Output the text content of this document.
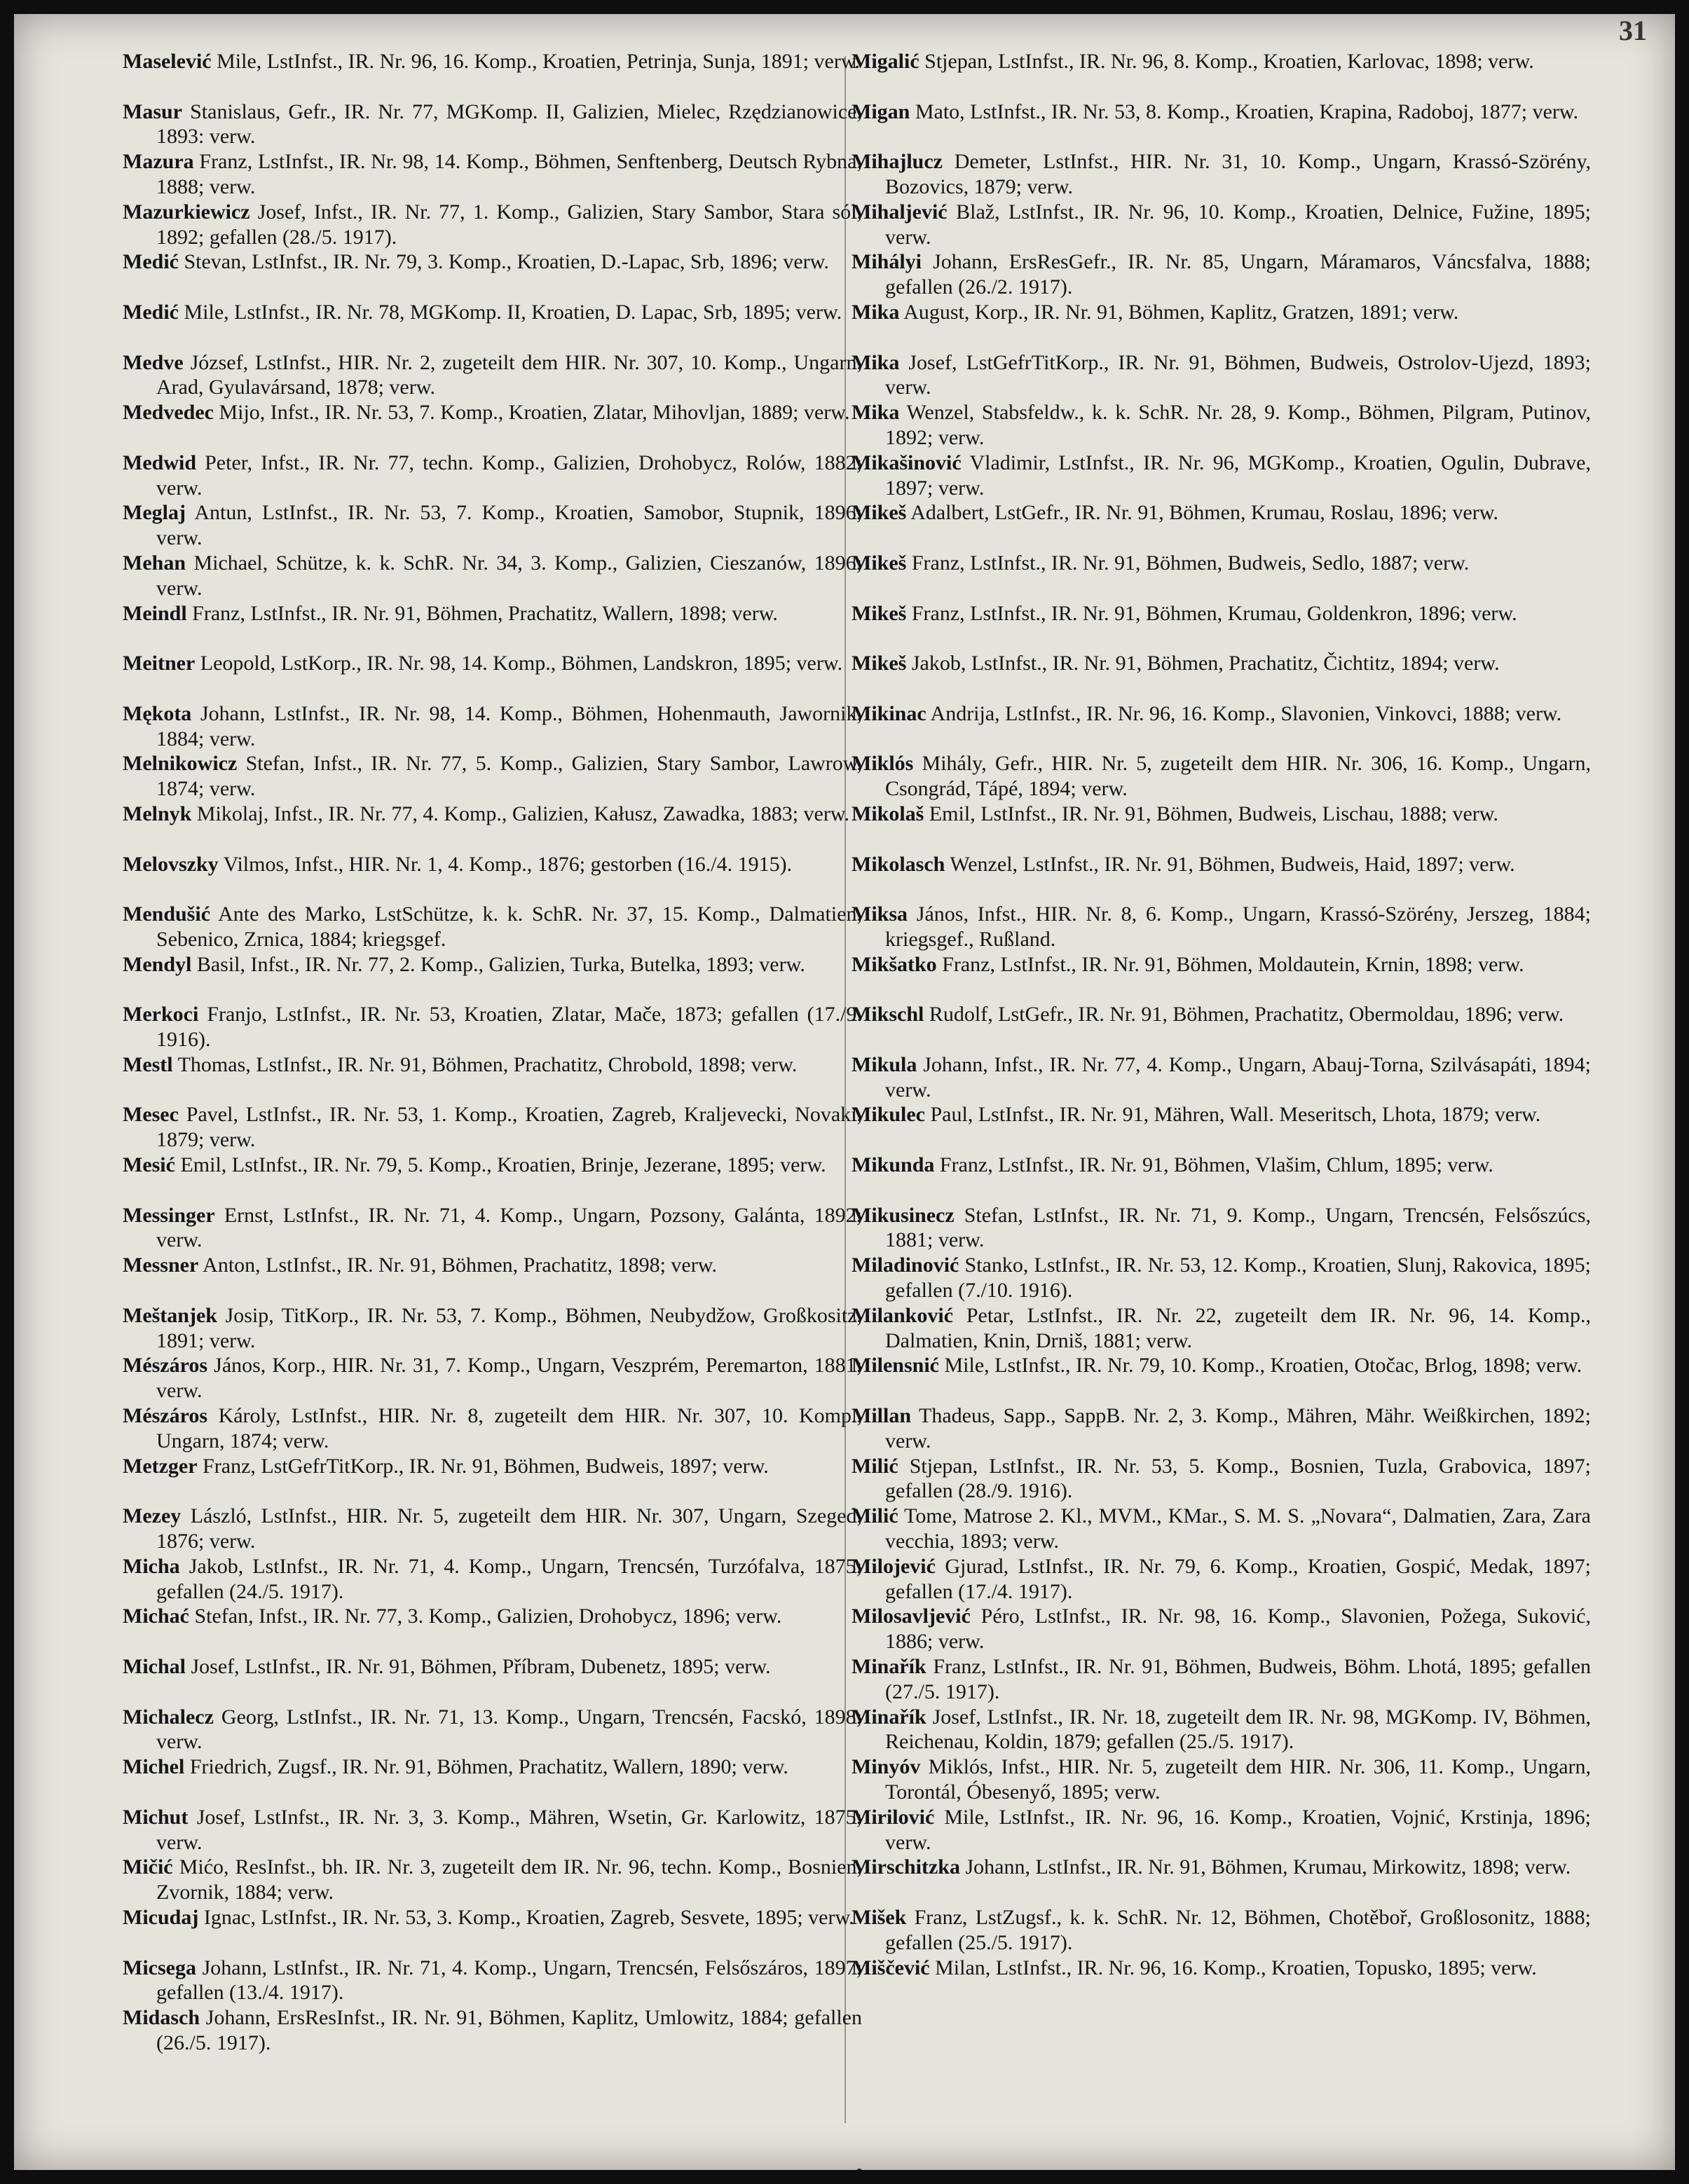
31

Maselević Mile, LstInfst., IR. Nr. 96, 16. Komp., Kroatien, Petrinja, Sunja, 1891; verw.

Masur Stanislaus, Gefr., IR. Nr. 77, MGKomp. II, Galizien, Mielec, Rzędzianowice, 1893: verw.

Mazura Franz, LstInfst., IR. Nr. 98, 14. Komp., Böhmen, Senftenberg, Deutsch Rybna, 1888; verw.

Mazurkiewicz Josef, Infst., IR. Nr. 77, 1. Komp., Galizien, Stary Sambor, Stara sól, 1892; gefallen (28./5. 1917).

Medić Stevan, LstInfst., IR. Nr. 79, 3. Komp., Kroatien, D.-Lapac, Srb, 1896; verw.

Medić Mile, LstInfst., IR. Nr. 78, MGKomp. II, Kroatien, D. Lapac, Srb, 1895; verw.

Medve József, LstInfst., HIR. Nr. 2, zugeteilt dem HIR. Nr. 307, 10. Komp., Ungarn, Arad, Gyulavársand, 1878; verw.

Medvedec Mijo, Infst., IR. Nr. 53, 7. Komp., Kroatien, Zlatar, Mihovljan, 1889; verw.

Medwid Peter, Infst., IR. Nr. 77, techn. Komp., Galizien, Drohobycz, Rolów, 1882; verw.

Meglaj Antun, LstInfst., IR. Nr. 53, 7. Komp., Kroatien, Samobor, Stupnik, 1896; verw.

Mehan Michael, Schütze, k. k. SchR. Nr. 34, 3. Komp., Galizien, Cieszanów, 1896; verw.

Meindl Franz, LstInfst., IR. Nr. 91, Böhmen, Prachatitz, Wallern, 1898; verw.

Meitner Leopold, LstKorp., IR. Nr. 98, 14. Komp., Böhmen, Landskron, 1895; verw.

Mękota Johann, LstInfst., IR. Nr. 98, 14. Komp., Böhmen, Hohenmauth, Jawornik, 1884; verw.

Melnikowicz Stefan, Infst., IR. Nr. 77, 5. Komp., Galizien, Stary Sambor, Lawrow, 1874; verw.

Melnyk Mikolaj, Infst., IR. Nr. 77, 4. Komp., Galizien, Kałusz, Zawadka, 1883; verw.

Melovszky Vilmos, Infst., HIR. Nr. 1, 4. Komp., 1876; gestorben (16./4. 1915).

Mendušić Ante des Marko, LstSchütze, k. k. SchR. Nr. 37, 15. Komp., Dalmatien, Sebenico, Zrnica, 1884; kriegsgef.

Mendyl Basil, Infst., IR. Nr. 77, 2. Komp., Galizien, Turka, Butelka, 1893; verw.

Merkoci Franjo, LstInfst., IR. Nr. 53, Kroatien, Zlatar, Mače, 1873; gefallen (17./9. 1916).

Mestl Thomas, LstInfst., IR. Nr. 91, Böhmen, Prachatitz, Chrobold, 1898; verw.

Mesec Pavel, LstInfst., IR. Nr. 53, 1. Komp., Kroatien, Zagreb, Kraljevecki, Novaki, 1879; verw.

Mesić Emil, LstInfst., IR. Nr. 79, 5. Komp., Kroatien, Brinje, Jezerane, 1895; verw.

Messinger Ernst, LstInfst., IR. Nr. 71, 4. Komp., Ungarn, Pozsony, Galánta, 1892; verw.

Messner Anton, LstInfst., IR. Nr. 91, Böhmen, Prachatitz, 1898; verw.

Meštanjek Josip, TitKorp., IR. Nr. 53, 7. Komp., Böhmen, Neubydžow, Großkositz, 1891; verw.

Mészáros János, Korp., HIR. Nr. 31, 7. Komp., Ungarn, Veszprém, Peremarton, 1881; verw.

Mészáros Károly, LstInfst., HIR. Nr. 8, zugeteilt dem HIR. Nr. 307, 10. Komp., Ungarn, 1874; verw.

Metzger Franz, LstGefrTitKorp., IR. Nr. 91, Böhmen, Budweis, 1897; verw.

Mezey László, LstInfst., HIR. Nr. 5, zugeteilt dem HIR. Nr. 307, Ungarn, Szeged, 1876; verw.

Micha Jakob, LstInfst., IR. Nr. 71, 4. Komp., Ungarn, Trencsén, Turzófalva, 1875; gefallen (24./5. 1917).

Michać Stefan, Infst., IR. Nr. 77, 3. Komp., Galizien, Drohobycz, 1896; verw.

Michal Josef, LstInfst., IR. Nr. 91, Böhmen, Příbram, Dubenetz, 1895; verw.

Michalecz Georg, LstInfst., IR. Nr. 71, 13. Komp., Ungarn, Trencsén, Facskó, 1898; verw.

Michel Friedrich, Zugsf., IR. Nr. 91, Böhmen, Prachatitz, Wallern, 1890; verw.

Michut Josef, LstInfst., IR. Nr. 3, 3. Komp., Mähren, Wsetin, Gr. Karlowitz, 1875; verw.

Mičić Mićo, ResInfst., bh. IR. Nr. 3, zugeteilt dem IR. Nr. 96, techn. Komp., Bosnien, Zvornik, 1884; verw.

Micudaj Ignac, LstInfst., IR. Nr. 53, 3. Komp., Kroatien, Zagreb, Sesvete, 1895; verw.

Micsega Johann, LstInfst., IR. Nr. 71, 4. Komp., Ungarn, Trencsén, Felsőszáros, 1897; gefallen (13./4. 1917).

Midasch Johann, ErsResInfst., IR. Nr. 91, Böhmen, Kaplitz, Umlowitz, 1884; gefallen (26./5. 1917).

Migalić Stjepan, LstInfst., IR. Nr. 96, 8. Komp., Kroatien, Karlovac, 1898; verw.

Migan Mato, LstInfst., IR. Nr. 53, 8. Komp., Kroatien, Krapina, Radoboj, 1877; verw.

Mihajlucz Demeter, LstInfst., HIR. Nr. 31, 10. Komp., Ungarn, Krassó-Szörény, Bozovics, 1879; verw.

Mihaljević Blaž, LstInfst., IR. Nr. 96, 10. Komp., Kroatien, Delnice, Fužine, 1895; verw.

Mihályi Johann, ErsResGefr., IR. Nr. 85, Ungarn, Máramaros, Váncsfalva, 1888; gefallen (26./2. 1917).

Mika August, Korp., IR. Nr. 91, Böhmen, Kaplitz, Gratzen, 1891; verw.

Mika Josef, LstGefrTitKorp., IR. Nr. 91, Böhmen, Budweis, Ostrolov-Ujezd, 1893; verw.

Mika Wenzel, Stabsfeldw., k. k. SchR. Nr. 28, 9. Komp., Böhmen, Pilgram, Putinov, 1892; verw.

Mikašinović Vladimir, LstInfst., IR. Nr. 96, MGKomp., Kroatien, Ogulin, Dubrave, 1897; verw.

Mikeš Adalbert, LstGefr., IR. Nr. 91, Böhmen, Krumau, Roslau, 1896; verw.

Mikeš Franz, LstInfst., IR. Nr. 91, Böhmen, Budweis, Sedlo, 1887; verw.

Mikeš Franz, LstInfst., IR. Nr. 91, Böhmen, Krumau, Goldenkron, 1896; verw.

Mikeš Jakob, LstInfst., IR. Nr. 91, Böhmen, Prachatitz, Čichtitz, 1894; verw.

Mikinac Andrija, LstInfst., IR. Nr. 96, 16. Komp., Slavonien, Vinkovci, 1888; verw.

Miklós Mihály, Gefr., HIR. Nr. 5, zugeteilt dem HIR. Nr. 306, 16. Komp., Ungarn, Csongrád, Tápé, 1894; verw.

Mikolaš Emil, LstInfst., IR. Nr. 91, Böhmen, Budweis, Lischau, 1888; verw.

Mikolasch Wenzel, LstInfst., IR. Nr. 91, Böhmen, Budweis, Haid, 1897; verw.

Miksa János, Infst., HIR. Nr. 8, 6. Komp., Ungarn, Krassó-Szörény, Jerszeg, 1884; kriegsgef., Rußland.

Mikšatko Franz, LstInfst., IR. Nr. 91, Böhmen, Moldautein, Krnin, 1898; verw.

Mikschl Rudolf, LstGefr., IR. Nr. 91, Böhmen, Prachatitz, Obermoldau, 1896; verw.

Mikula Johann, Infst., IR. Nr. 77, 4. Komp., Ungarn, Abauj-Torna, Szilvásapáti, 1894; verw.

Mikulec Paul, LstInfst., IR. Nr. 91, Mähren, Wall. Meseritsch, Lhota, 1879; verw.

Mikunda Franz, LstInfst., IR. Nr. 91, Böhmen, Vlašim, Chlum, 1895; verw.

Mikusinecz Stefan, LstInfst., IR. Nr. 71, 9. Komp., Ungarn, Trencsén, Felsőszúcs, 1881; verw.

Miladinović Stanko, LstInfst., IR. Nr. 53, 12. Komp., Kroatien, Slunj, Rakovica, 1895; gefallen (7./10. 1916).

Milanković Petar, LstInfst., IR. Nr. 22, zugeteilt dem IR. Nr. 96, 14. Komp., Dalmatien, Knin, Drniš, 1881; verw.

Milensnić Mile, LstInfst., IR. Nr. 79, 10. Komp., Kroatien, Otočac, Brlog, 1898; verw.

Millan Thadeus, Sapp., SappB. Nr. 2, 3. Komp., Mähren, Mähr. Weißkirchen, 1892; verw.

Milić Stjepan, LstInfst., IR. Nr. 53, 5. Komp., Bosnien, Tuzla, Grabovica, 1897; gefallen (28./9. 1916).

Milić Tome, Matrose 2. Kl., MVM., KMar., S. M. S. „Novara“, Dalmatien, Zara, Zara vecchia, 1893; verw.

Milojević Gjurad, LstInfst., IR. Nr. 79, 6. Komp., Kroatien, Gospić, Medak, 1897; gefallen (17./4. 1917).

Milosavljević Péro, LstInfst., IR. Nr. 98, 16. Komp., Slavonien, Požega, Suković, 1886; verw.

Minařík Franz, LstInfst., IR. Nr. 91, Böhmen, Budweis, Böhm. Lhotá, 1895; gefallen (27./5. 1917).

Minařík Josef, LstInfst., IR. Nr. 18, zugeteilt dem IR. Nr. 98, MGKomp. IV, Böhmen, Reichenau, Koldin, 1879; gefallen (25./5. 1917).

Minyóv Miklós, Infst., HIR. Nr. 5, zugeteilt dem HIR. Nr. 306, 11. Komp., Ungarn, Torontál, Óbesenyő, 1895; verw.

Mirilović Mile, LstInfst., IR. Nr. 96, 16. Komp., Kroatien, Vojnić, Krstinja, 1896; verw.

Mirschitzka Johann, LstInfst., IR. Nr. 91, Böhmen, Krumau, Mirkowitz, 1898; verw.

Mišek Franz, LstZugsf., k. k. SchR. Nr. 12, Böhmen, Chotěboř, Großlosonitz, 1888; gefallen (25./5. 1917).

Miščević Milan, LstInfst., IR. Nr. 96, 16. Komp., Kroatien, Topusko, 1895; verw.
